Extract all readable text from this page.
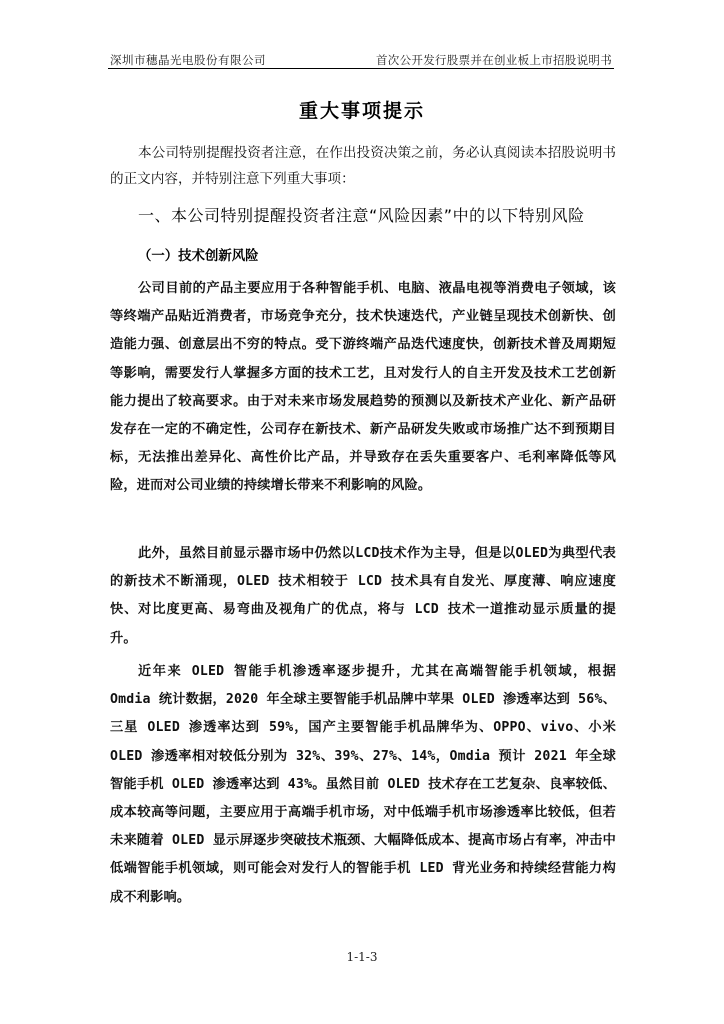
深圳市穗晶光电股份有限公司	首次公开发行股票并在创业板上市招股说明书
重大事项提示
本公司特别提醒投资者注意，在作出投资决策之前，务必认真阅读本招股说明书的正文内容，并特别注意下列重大事项：
一、本公司特别提醒投资者注意“风险因素”中的以下特别风险
（一）技术创新风险
公司目前的产品主要应用于各种智能手机、电脑、液晶电视等消费电子领域，该等终端产品贴近消费者，市场竞争充分，技术快速迭代，产业链呈现技术创新快、创造能力强、创意层出不穷的特点。受下游终端产品迭代速度快，创新技术普及周期短等影响，需要发行人掌握多方面的技术工艺，且对发行人的自主开发及技术工艺创新能力提出了较高要求。由于对未来市场发展趋势的预测以及新技术产业化、新产品研发存在一定的不确定性，公司存在新技术、新产品研发失败或市场推广达不到预期目标，无法推出差异化、高性价比产品，并导致存在丢失重要客户、毛利率降低等风险，进而对公司业绩的持续增长带来不利影响的风险。
此外，虽然目前显示器市场中仍然以LCD技术作为主导，但是以OLED为典型代表的新技术不断涌现，OLED 技术相较于 LCD 技术具有自发光、厚度薄、响应速度快、对比度更高、易弯曲及视角广的优点，将与 LCD 技术一道推动显示质量的提升。
近年来 OLED 智能手机渗透率逐步提升，尤其在高端智能手机领域，根据 Omdia 统计数据，2020 年全球主要智能手机品牌中苹果 OLED 渗透率达到 56%、三星 OLED 渗透率达到 59%，国产主要智能手机品牌华为、OPPO、vivo、小米 OLED 渗透率相对较低分别为 32%、39%、27%、14%，Omdia 预计 2021 年全球智能手机 OLED 渗透率达到 43%。虽然目前 OLED 技术存在工艺复杂、良率较低、成本较高等问题，主要应用于高端手机市场，对中低端手机市场渗透率比较低，但若未来随着 OLED 显示屏逐步突破技术瓶颈、大幅降低成本、提高市场占有率，冲击中低端智能手机领域，则可能会对发行人的智能手机 LED 背光业务和持续经营能力构成不利影响。
1-1-3
